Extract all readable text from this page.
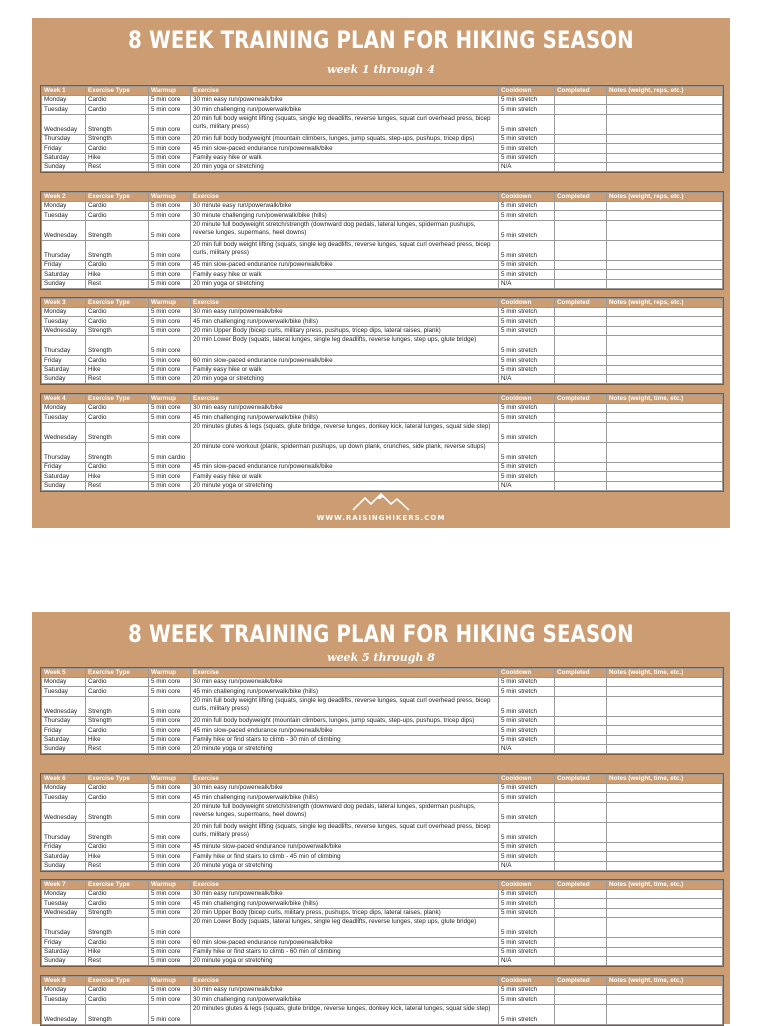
8 WEEK TRAINING PLAN FOR HIKING SEASON
week 1 through 4
Week 1	Exercise Type	Warmup	Exercise	Cooldown	Completed	Notes (weight, reps, etc.)
Monday	Cardio	5 min core	30 min easy run/powerwalk/bike	5 min stretch		
Tuesday	Cardio	5 min core	30 min challenging run/powerwalk/bike	5 min stretch		
Wednesday	Strength	5 min core	20 min full body weight lifting (squats, single leg deadlifts, reverse lunges, squat curl overhead press, bicep curls, military press)	5 min stretch		
Thursday	Strength	5 min core	20 min full body bodyweight (mountain climbers, lunges, jump squats, step-ups, pushups, tricep dips)	5 min stretch		
Friday	Cardio	5 min core	45 min slow-paced endurance run/powerwalk/bike	5 min stretch		
Saturday	Hike	5 min core	Family easy hike or walk	5 min stretch		
Sunday	Rest	5 min core	20 min yoga or stretching	N/A		
Week 2	Exercise Type	Warmup	Exercise	Cooldown	Completed	Notes (weight, reps, etc.)
Monday	Cardio	5 min core	30 minute easy run/powerwalk/bike	5 min stretch		
Tuesday	Cardio	5 min core	30 minute challenging run/powerwalk/bike (hills)	5 min stretch		
Wednesday	Strength	5 min core	20 minute full bodyweight stretch/strength (downward dog pedals, lateral lunges, spiderman pushups, reverse lunges, supermans, heel downs)	5 min stretch		
Thursday	Strength	5 min core	20 min full body weight lifting (squats, single leg deadlifts, reverse lunges, squat curl overhead press, bicep curls, military press)	5 min stretch		
Friday	Cardio	5 min core	45 min slow-paced endurance run/powerwalk/bike	5 min stretch		
Saturday	Hike	5 min core	Family easy hike or walk	5 min stretch		
Sunday	Rest	5 min core	20 min yoga or stretching	N/A		
Week 3	Exercise Type	Warmup	Exercise	Cooldown	Completed	Notes (weight, reps, etc.)
Monday	Cardio	5 min core	30 min easy run/powerwalk/bike	5 min stretch		
Tuesday	Cardio	5 min core	45 min challenging run/powerwalk/bike (hills)	5 min stretch		
Wednesday	Strength	5 min core	20 min Upper Body (bicep curls, military press, pushups, tricep dips, lateral raises, plank)	5 min stretch		
Thursday	Strength	5 min core	20 min Lower Body (squats, lateral lunges, single leg deadlifts, reverse lunges, step ups, glute bridge)	5 min stretch		
Friday	Cardio	5 min core	60 min slow-paced endurance run/powerwalk/bike	5 min stretch		
Saturday	Hike	5 min core	Family easy hike or walk	5 min stretch		
Sunday	Rest	5 min core	20 min yoga or stretching	N/A		
Week 4	Exercise Type	Warmup	Exercise	Cooldown	Completed	Notes (weight, time, etc.)
Monday	Cardio	5 min core	30 min easy run/powerwalk/bike	5 min stretch		
Tuesday	Cardio	5 min core	45 min challenging run/powerwalk/bike (hills)	5 min stretch		
Wednesday	Strength	5 min core	20 minutes glutes & legs (squats, glute bridge, reverse lunges, donkey kick, lateral lunges, squat side step)	5 min stretch		
Thursday	Strength	5 min cardio	20 minute core workout (plank, spiderman pushups, up down plank, crunches, side plank, reverse situps)	5 min stretch		
Friday	Cardio	5 min core	45 min slow-paced endurance run/powerwalk/bike	5 min stretch		
Saturday	Hike	5 min core	Family easy hike or walk	5 min stretch		
Sunday	Rest	5 min core	20 minute yoga or stretching	N/A		
WWW.RAISINGHIKERS.COM
8 WEEK TRAINING PLAN FOR HIKING SEASON
week 5 through 8
Week 5	Exercise Type	Warmup	Exercise	Cooldown	Completed	Notes (weight, time, etc.)
Monday	Cardio	5 min core	30 min easy run/powerwalk/bike	5 min stretch		
Tuesday	Cardio	5 min core	45 min challenging run/powerwalk/bike (hills)	5 min stretch		
Wednesday	Strength	5 min core	20 min full body weight lifting (squats, single leg deadlifts, reverse lunges, squat curl overhead press, bicep curls, military press)	5 min stretch		
Thursday	Strength	5 min core	20 min full body bodyweight (mountain climbers, lunges, jump squats, step-ups, pushups, tricep dips)	5 min stretch		
Friday	Cardio	5 min core	45 min slow-paced endurance run/powerwalk/bike	5 min stretch		
Saturday	Hike	5 min core	Family hike or find stairs to climb - 30 min of climbing	5 min stretch		
Sunday	Rest	5 min core	20 minute yoga or stretching	N/A		
Week 6	Exercise Type	Warmup	Exercise	Cooldown	Completed	Notes (weight, time, etc.)
Monday	Cardio	5 min core	30 min easy run/powerwalk/bike	5 min stretch		
Tuesday	Cardio	5 min core	45 min challenging run/powerwalk/bike (hills)	5 min stretch		
Wednesday	Strength	5 min core	20 minute full bodyweight stretch/strength (downward dog pedals, lateral lunges, spiderman pushups, reverse lunges, supermans, heel downs)	5 min stretch		
Thursday	Strength	5 min core	20 min full body weight lifting (squats, single leg deadlifts, reverse lunges, squat curl overhead press, bicep curls, military press)	5 min stretch		
Friday	Cardio	5 min core	45 minute slow-paced endurance run/powerwalk/bike	5 min stretch		
Saturday	Hike	5 min core	Family hike or find stairs to climb - 45 min of climbing	5 min stretch		
Sunday	Rest	5 min core	20 minute yoga or stretching	N/A		
Week 7	Exercise Type	Warmup	Exercise	Cooldown	Completed	Notes (weight, time, etc.)
Monday	Cardio	5 min core	30 min easy run/powerwalk/bike	5 min stretch		
Tuesday	Cardio	5 min core	45 min challenging run/powerwalk/bike (hills)	5 min stretch		
Wednesday	Strength	5 min core	20 min Upper Body (bicep curls, military press, pushups, tricep dips, lateral raises, plank)	5 min stretch		
Thursday	Strength	5 min core	20 min Lower Body (squats, lateral lunges, single leg deadlifts, reverse lunges, step ups, glute bridge)	5 min stretch		
Friday	Cardio	5 min core	60 min slow-paced endurance run/powerwalk/bike	5 min stretch		
Saturday	Hike	5 min core	Family hike or find stairs to climb - 60 min of climbing	5 min stretch		
Sunday	Rest	5 min core	20 minute yoga or stretching	N/A		
Week 8	Exercise Type	Warmup	Exercise	Cooldown	Completed	Notes (weight, time, etc.)
Monday	Cardio	5 min core	30 min easy run/powerwalk/bike	5 min stretch		
Tuesday	Cardio	5 min core	30 min challenging run/powerwalk/bike	5 min stretch		
Wednesday	Strength	5 min core	20 minutes glutes & legs (squats, glute bridge, reverse lunges, donkey kick, lateral lunges, squat side step)	5 min stretch		
